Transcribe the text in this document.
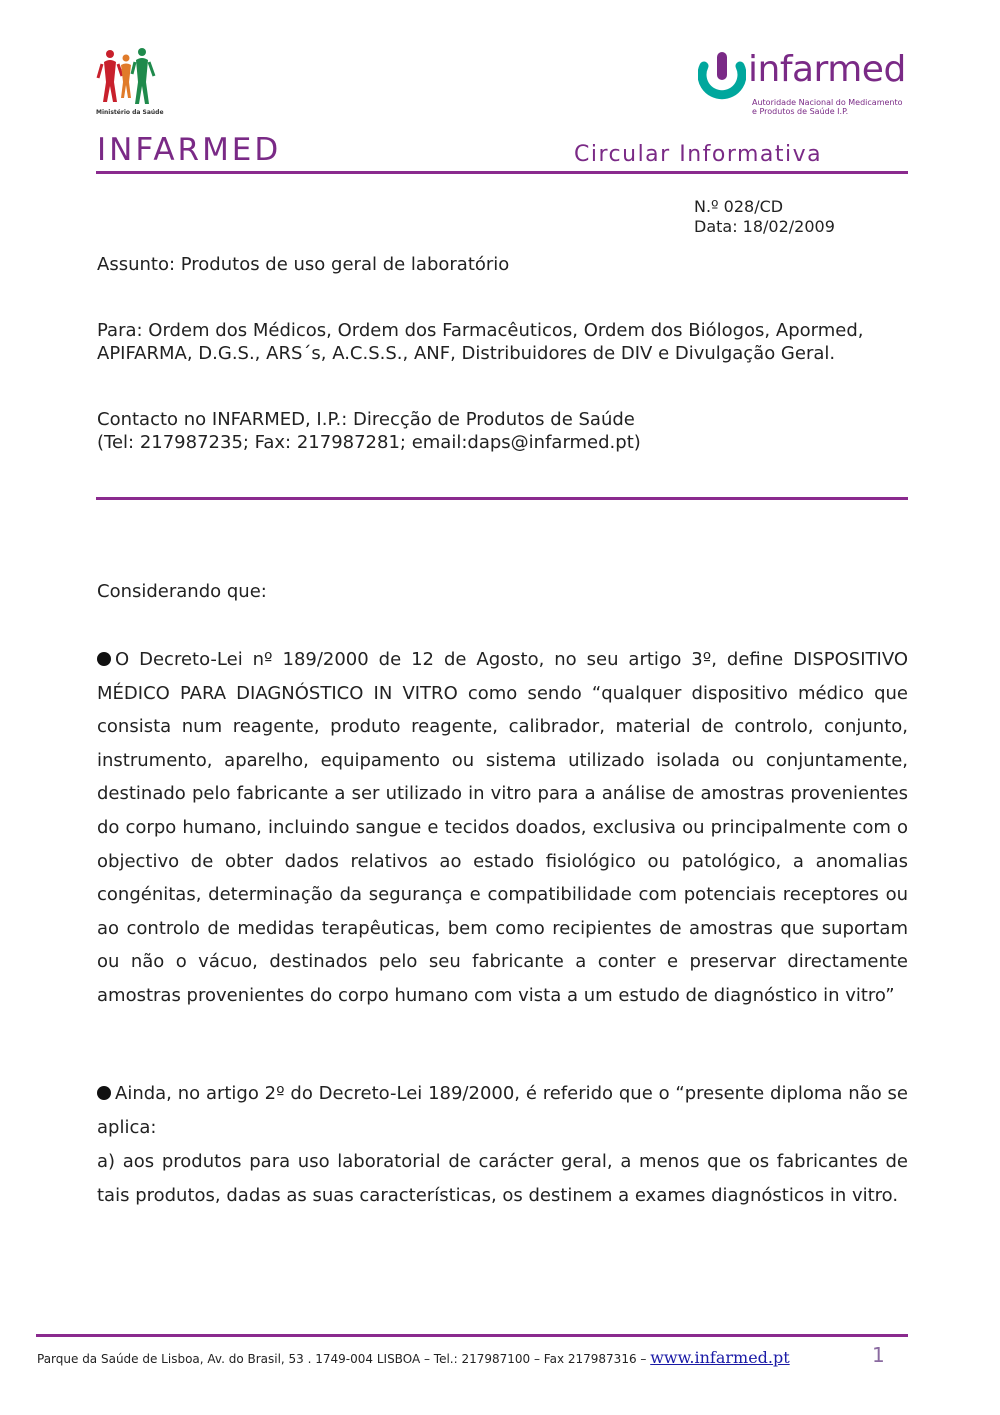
Ministério da Saúde
infarmed
Autoridade Nacional do Medicamento
e Produtos de Saúde I.P.
INFARMED	Circular Informativa
N.º 028/CD
Data: 18/02/2009
Assunto: Produtos de uso geral de laboratório
Para: Ordem dos Médicos, Ordem dos Farmacêuticos, Ordem dos Biólogos, Apormed,
APIFARMA, D.G.S., ARS´s, A.C.S.S., ANF, Distribuidores de DIV e Divulgação Geral.
Contacto no INFARMED, I.P.: Direcção de Produtos de Saúde
(Tel: 217987235; Fax: 217987281; email:daps@infarmed.pt)
Considerando que:
O Decreto-Lei nº 189/2000 de 12 de Agosto, no seu artigo 3º, define DISPOSITIVO MÉDICO PARA DIAGNÓSTICO IN VITRO como sendo “qualquer dispositivo médico que consista num reagente, produto reagente, calibrador, material de controlo, conjunto, instrumento, aparelho, equipamento ou sistema utilizado isolada ou conjuntamente, destinado pelo fabricante a ser utilizado in vitro para a análise de amostras provenientes do corpo humano, incluindo sangue e tecidos doados, exclusiva ou principalmente com o objectivo de obter dados relativos ao estado fisiológico ou patológico, a anomalias congénitas, determinação da segurança e compatibilidade com potenciais receptores ou ao controlo de medidas terapêuticas, bem como recipientes de amostras que suportam ou não o vácuo, destinados pelo seu fabricante a conter e preservar directamente amostras provenientes do corpo humano com vista a um estudo de diagnóstico in vitro”
Ainda, no artigo 2º do Decreto-Lei 189/2000, é referido que o “presente diploma não se aplica:
a) aos produtos para uso laboratorial de carácter geral, a menos que os fabricantes de tais produtos, dadas as suas características, os destinem a exames diagnósticos in vitro.
Parque da Saúde de Lisboa, Av. do Brasil, 53 . 1749-004 LISBOA – Tel.: 217987100 – Fax 217987316 – www.infarmed.pt	1
